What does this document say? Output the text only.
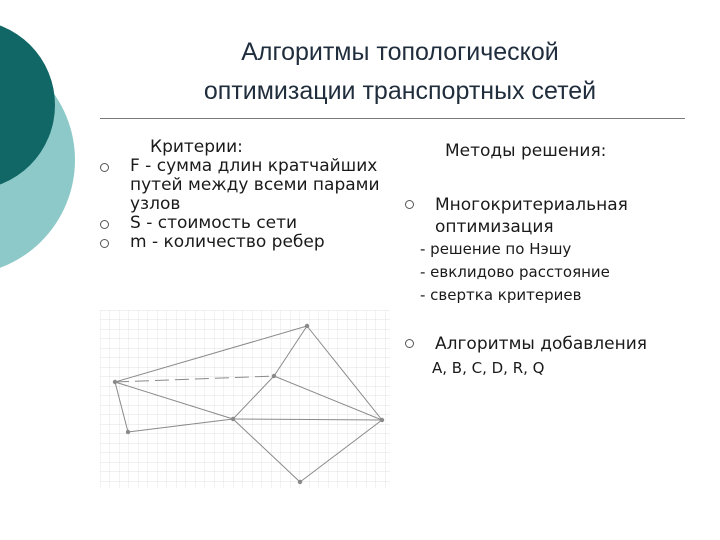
Алгоритмы топологической
оптимизации транспортных сетей
Критерии:
F - сумма длин кратчайших путей между всеми парами узлов
S - стоимость сети
m - количество ребер
Методы решения:
Многокритериальная оптимизация
- решение по Нэшу
- евклидово расстояние
- свертка критериев
Алгоритмы добавления
A, B, C, D, R, Q
